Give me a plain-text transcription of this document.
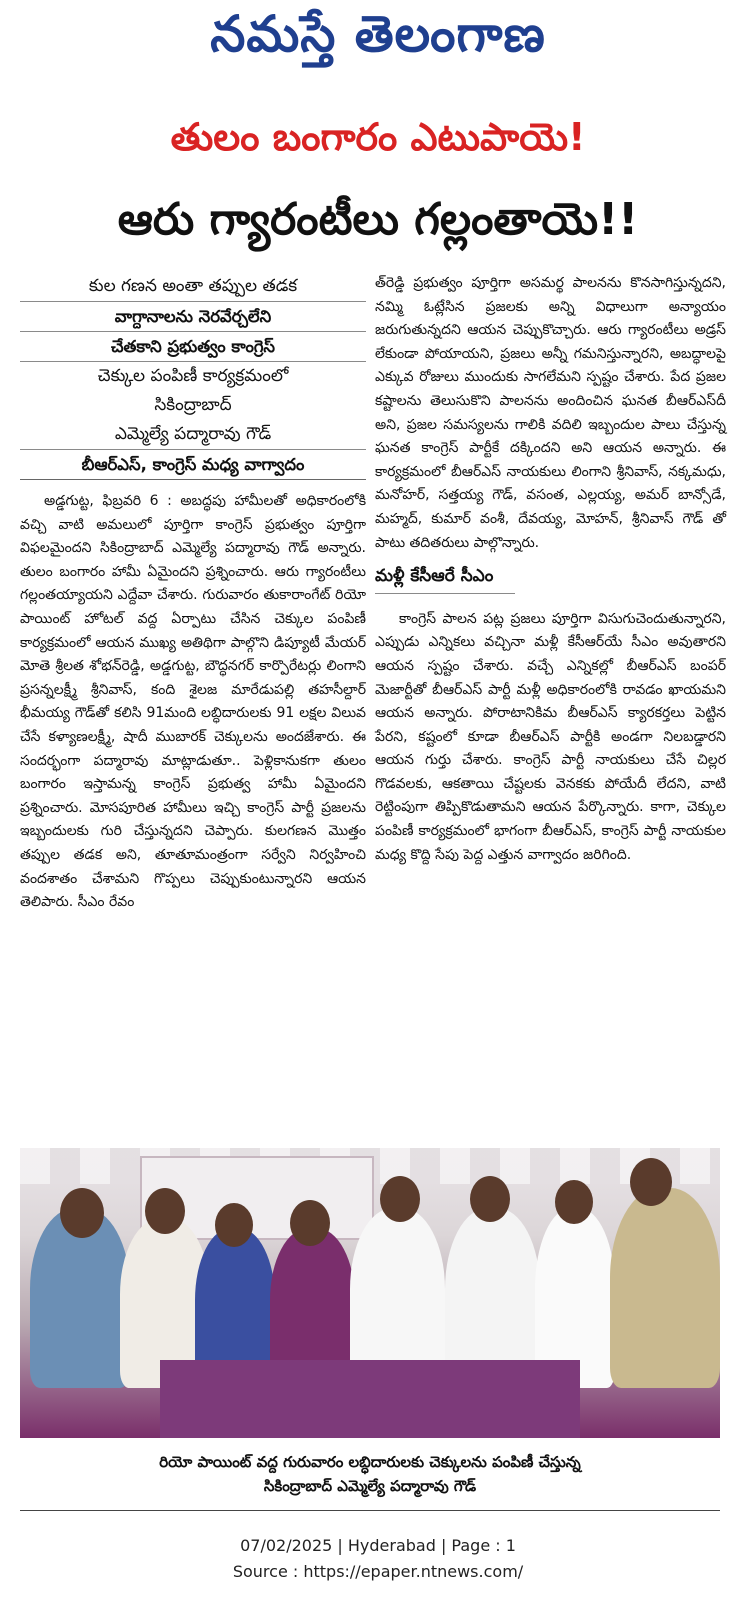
నమస్తే తెలంగాణ
తులం బంగారం ఎటుపాయె!
ఆరు గ్యారంటీలు గల్లంతాయె!!
కుల గణన అంతా తప్పుల తడక
వాగ్దానాలను నెరవేర్చలేని
చేతకాని ప్రభుత్వం కాంగ్రెస్
చెక్కుల పంపిణీ కార్యక్రమంలో
సికింద్రాబాద్
ఎమ్మెల్యే పద్మారావు గౌడ్
బీఆర్ఎస్, కాంగ్రెస్ మధ్య వాగ్వాదం

అడ్డగుట్ట, ఫిబ్రవరి 6 : అబద్ధపు హామీలతో అధికారంలోకి వచ్చి వాటి అమలులో పూర్తిగా కాంగ్రెస్ ప్రభుత్వం పూర్తిగా విఫలమైందని సికింద్రాబాద్ ఎమ్మెల్యే పద్మారావు గౌడ్ అన్నారు. తులం బంగారం హామీ ఏమైందని ప్రశ్నించారు. ఆరు గ్యారంటీలు గల్లంతయ్యాయని ఎద్దేవా చేశారు. గురువారం తుకారాంగేట్ రియో పాయింట్ హోటల్ వద్ద ఏర్పాటు చేసిన చెక్కుల పంపిణీ కార్యక్రమంలో ఆయన ముఖ్య అతిథిగా పాల్గొని డిప్యూటీ మేయర్ మోతె శ్రీలత శోభన్‌రెడ్డి, అడ్డగుట్ట, బౌద్ధనగర్ కార్పొరేటర్లు లింగాని ప్రసన్నలక్ష్మీ శ్రీనివాస్, కంది శైలజ మారేడుపల్లి తహసీల్దార్ భీమయ్య గౌడ్‌తో కలిసి 91మంది లబ్ధిదారులకు 91 లక్షల విలువ చేసే కళ్యాణలక్ష్మీ, షాదీ ముబారక్ చెక్కులను అందజేశారు. ఈ సందర్భంగా పద్మారావు మాట్లాడుతూ.. పెళ్లికానుకగా తులం బంగారం ఇస్తామన్న కాంగ్రెస్ ప్రభుత్వ హామీ ఏమైందని ప్రశ్నించారు. మోసపూరిత హామీలు ఇచ్చి కాంగ్రెస్ పార్టీ ప్రజలను ఇబ్బందులకు గురి చేస్తున్నదని చెప్పారు. కులగణన మొత్తం తప్పుల తడక అని, తూతూమంత్రంగా సర్వేని నిర్వహించి వందశాతం చేశామని గొప్పలు చెప్పుకుంటున్నారని ఆయన తెలిపారు. సీఎం రేవం

త్‌రెడ్డి ప్రభుత్వం పూర్తిగా అసమర్థ పాలనను కొనసాగిస్తున్నదని, నమ్మి ఓట్లేసిన ప్రజలకు అన్ని విధాలుగా అన్యాయం జరుగుతున్నదని ఆయన చెప్పుకొచ్చారు. ఆరు గ్యారంటీలు అడ్రస్ లేకుండా పోయాయని, ప్రజలు అన్నీ గమనిస్తున్నారని, అబద్ధాలపై ఎక్కువ రోజులు ముందుకు సాగలేమని స్పష్టం చేశారు. పేద ప్రజల కష్టాలను తెలుసుకొని పాలనను అందించిన ఘనత బీఆర్ఎస్‌దీ అని, ప్రజల సమస్యలను గాలికి వదిలి ఇబ్బందుల పాలు చేస్తున్న ఘనత కాంగ్రెస్ పార్టీకే దక్కిందని అని ఆయన అన్నారు. ఈ కార్యక్రమంలో బీఆర్ఎస్ నాయకులు లింగాని శ్రీనివాస్, నక్కమధు, మనోహర్, సత్తయ్య గౌడ్, వసంత, ఎల్లయ్య, అమర్ బాన్సోడే, మహ్మద్, కుమార్ వంశీ, దేవయ్య, మోహన్, శ్రీనివాస్ గౌడ్ తో పాటు తదితరులు పాల్గొన్నారు.

మళ్లీ కేసీఆరే సీఎం

కాంగ్రెస్ పాలన పట్ల ప్రజలు పూర్తిగా విసుగుచెందుతున్నారని, ఎప్పుడు ఎన్నికలు వచ్చినా మళ్లీ కేసీఆర్‌యే సీఎం అవుతారని ఆయన స్పష్టం చేశారు. వచ్చే ఎన్నికల్లో బీఆర్ఎస్ బంపర్ మెజార్టీతో బీఆర్ఎస్ పార్టీ మళ్లీ అధికారంలోకి రావడం ఖాయమని ఆయన అన్నారు. పోరాటానికిమ బీఆర్ఎస్ క్యారకర్తలు పెట్టిన పేరని, కష్టంలో కూడా బీఆర్ఎస్ పార్టీకి అండగా నిలబడ్డారని ఆయన గుర్తు చేశారు. కాంగ్రెస్ పార్టీ నాయకులు చేసే చిల్లర గొడవలకు, ఆకతాయి చేష్టలకు వెనకకు పోయేదీ లేదని, వాటి రెట్టింపుగా తిప్పికొడుతామని ఆయన పేర్కొన్నారు. కాగా, చెక్కుల పంపిణీ కార్యక్రమంలో భాగంగా బీఆర్ఎస్, కాంగ్రెస్ పార్టీ నాయకుల మధ్య కొద్ది సేపు పెద్ద ఎత్తున వాగ్వాదం జరిగింది.

రియో పాయింట్ వద్ద గురువారం లబ్ధిదారులకు చెక్కులను పంపిణీ చేస్తున్న
సికింద్రాబాద్ ఎమ్మెల్యే పద్మారావు గౌడ్
07/02/2025 | Hyderabad | Page : 1
Source : https://epaper.ntnews.com/
